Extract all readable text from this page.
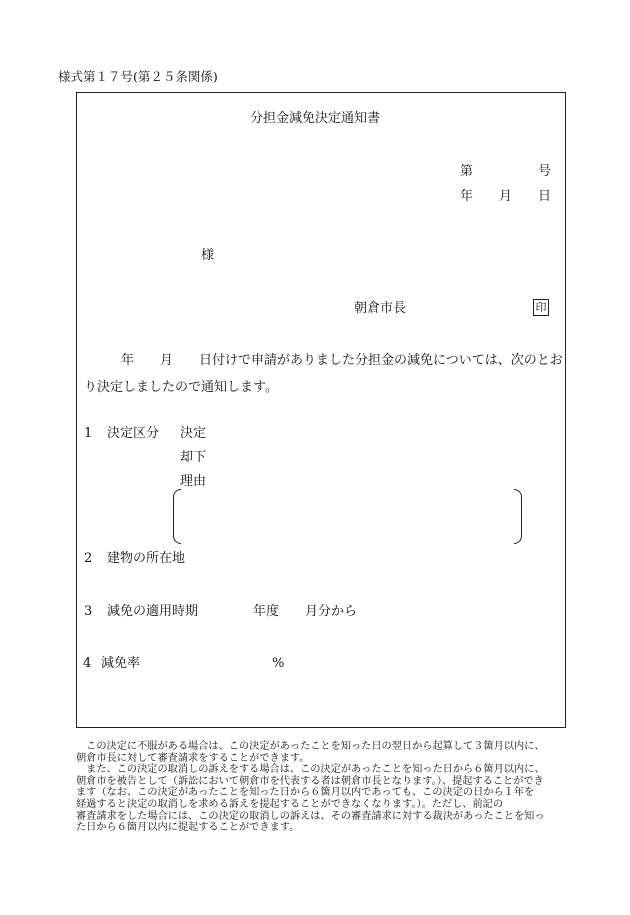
様式第１７号(第２５条関係)
分担金減免決定通知書
第	号
年 月 日
様
朝倉市長	印
年 月 日付けで申請がありました分担金の減免については、次のとお
り決定しましたので通知します。
1 決定区分 決定
却下
理由
2 建物の所在地
3 減免の適用時期	年度 月分から
4 減免率	%
　この決定に不服がある場合は、この決定があったことを知った日の翌日から起算して３箇月以内に、
朝倉市長に対して審査請求をすることができます。
　また、この決定の取消しの訴えをする場合は、この決定があったことを知った日から６箇月以内に、
朝倉市を被告として（訴訟において朝倉市を代表する者は朝倉市長となります。）、提起することができ
ます（なお、この決定があったことを知った日から６箇月以内であっても、この決定の日から１年を
経過すると決定の取消しを求める訴えを提起することができなくなります。）。ただし、前記の
審査請求をした場合には、この決定の取消しの訴えは、その審査請求に対する裁決があったことを知っ
た日から６箇月以内に提起することができます。
